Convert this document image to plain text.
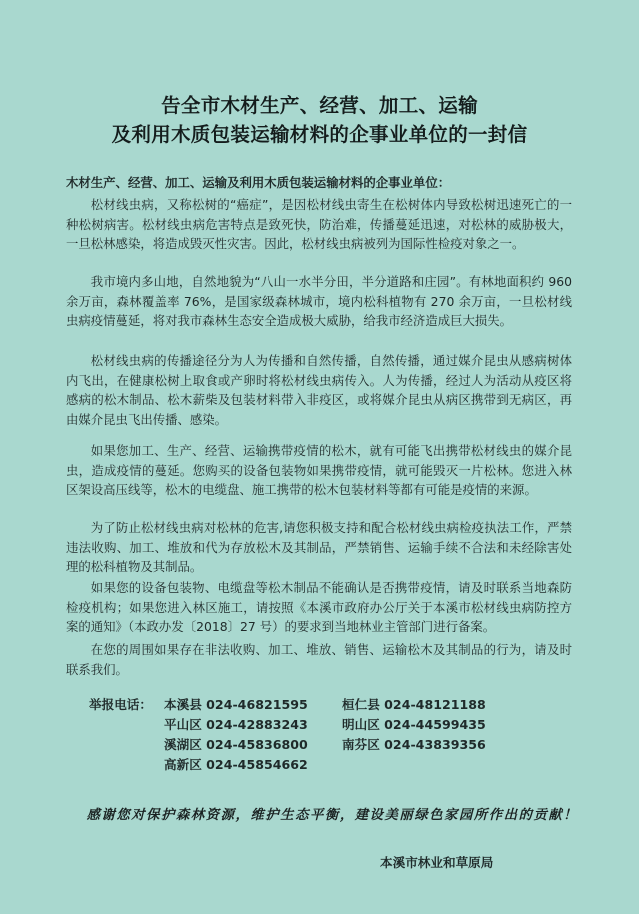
告全市木材生产、经营、加工、运输
及利用木质包装运输材料的企事业单位的一封信
木材生产、经营、加工、运输及利用木质包装运输材料的企事业单位：

松材线虫病，又称松树的“癌症”，是因松材线虫寄生在松树体内导致松树迅速死亡的一种松树病害。松材线虫病危害特点是致死快，防治难，传播蔓延迅速，对松林的威胁极大，一旦松林感染，将造成毁灭性灾害。因此，松材线虫病被列为国际性检疫对象之一。

我市境内多山地，自然地貌为“八山一水半分田，半分道路和庄园”。有林地面积约 960 余万亩，森林覆盖率 76%，是国家级森林城市，境内松科植物有 270 余万亩，一旦松材线虫病疫情蔓延，将对我市森林生态安全造成极大威胁，给我市经济造成巨大损失。

松材线虫病的传播途径分为人为传播和自然传播，自然传播，通过媒介昆虫从感病树体内飞出，在健康松树上取食或产卵时将松材线虫病传入。人为传播，经过人为活动从疫区将感病的松木制品、松木薪柴及包装材料带入非疫区，或将媒介昆虫从病区携带到无病区，再由媒介昆虫飞出传播、感染。

如果您加工、生产、经营、运输携带疫情的松木，就有可能飞出携带松材线虫的媒介昆虫，造成疫情的蔓延。您购买的设备包装物如果携带疫情，就可能毁灭一片松林。您进入林区架设高压线等，松木的电缆盘、施工携带的松木包装材料等都有可能是疫情的来源。

为了防止松材线虫病对松林的危害,请您积极支持和配合松材线虫病检疫执法工作，严禁违法收购、加工、堆放和代为存放松木及其制品，严禁销售、运输手续不合法和未经除害处理的松科植物及其制品。

如果您的设备包装物、电缆盘等松木制品不能确认是否携带疫情，请及时联系当地森防检疫机构；如果您进入林区施工，请按照《本溪市政府办公厅关于本溪市松材线虫病防控方案的通知》（本政办发〔2018〕27 号）的要求到当地林业主管部门进行备案。

在您的周围如果存在非法收购、加工、堆放、销售、运输松木及其制品的行为，请及时联系我们。

举报电话： 本溪县 024-46821595	桓仁县 024-48121188
平山区 024-42883243	明山区 024-44599435
溪湖区 024-45836800	南芬区 024-43839356
高新区 024-45854662

感谢您对保护森林资源，维护生态平衡，建设美丽绿色家园所作出的贡献！

本溪市林业和草原局
